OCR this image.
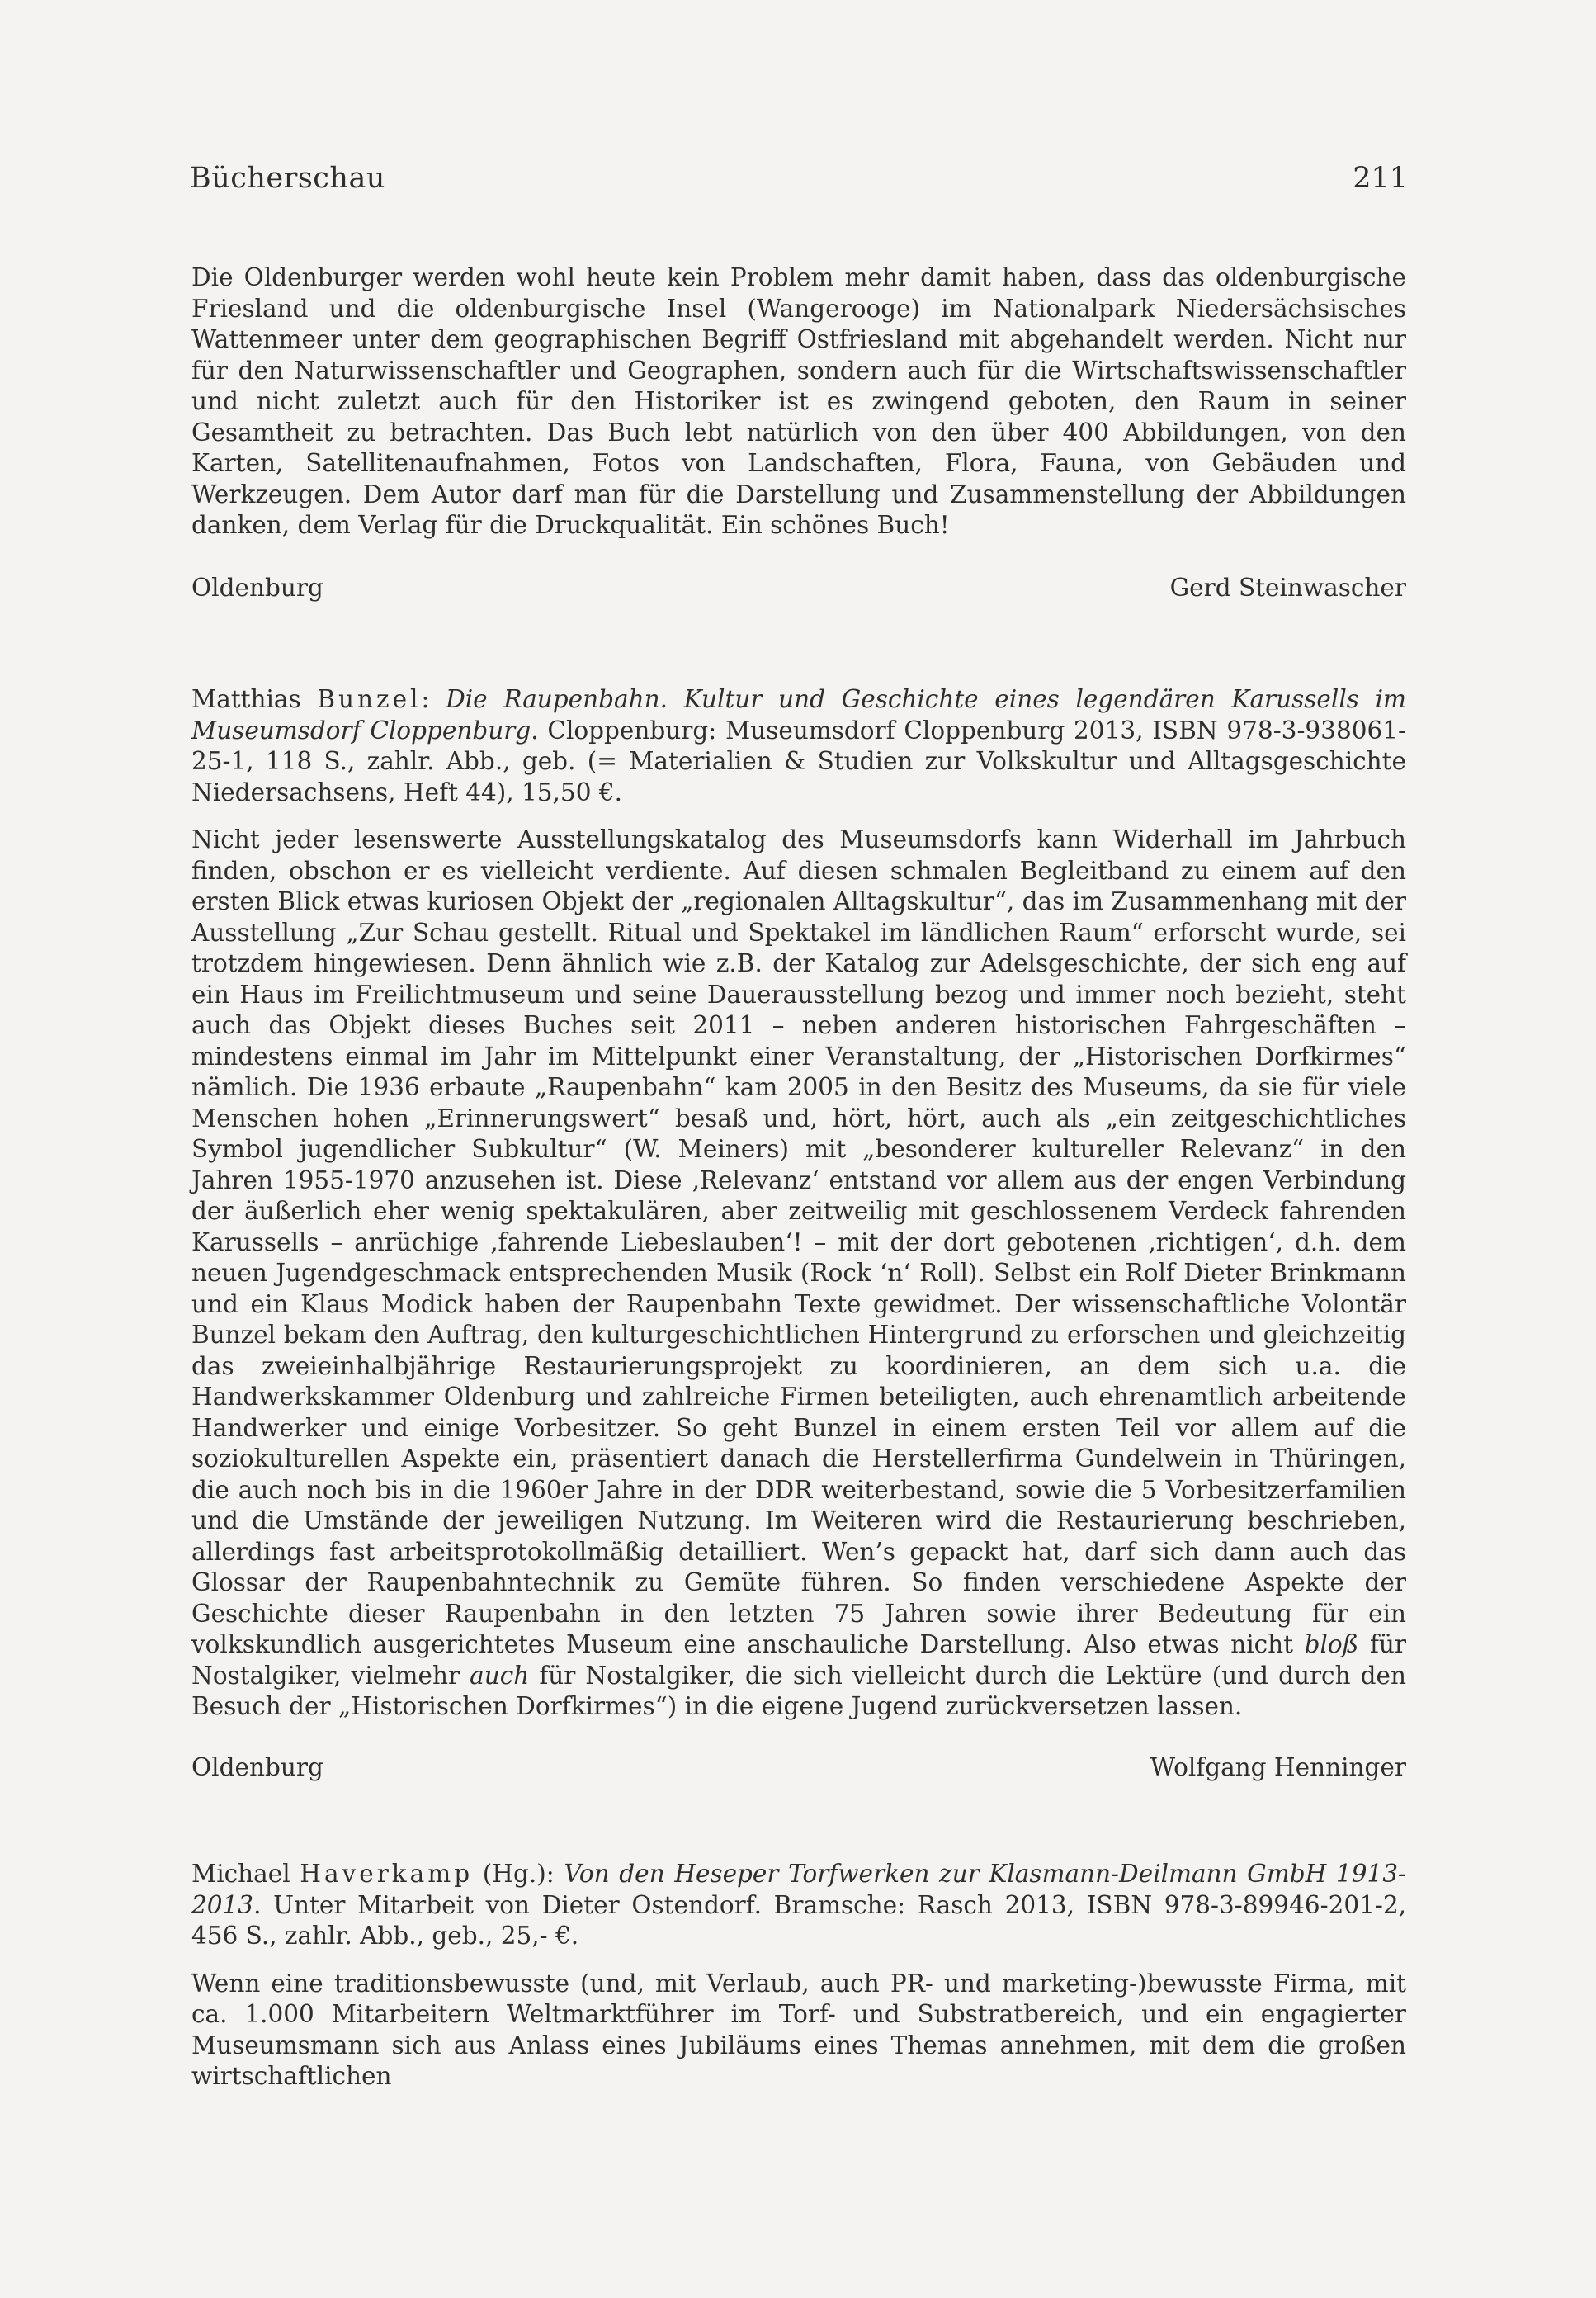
Bücherschau	211

Die Oldenburger werden wohl heute kein Problem mehr damit haben, dass das oldenburgische Friesland und die oldenburgische Insel (Wangerooge) im Nationalpark Niedersächsisches Wattenmeer unter dem geographischen Begriff Ostfriesland mit abgehandelt werden. Nicht nur für den Naturwissenschaftler und Geographen, sondern auch für die Wirtschaftswissenschaftler und nicht zuletzt auch für den Historiker ist es zwingend geboten, den Raum in seiner Gesamtheit zu betrachten. Das Buch lebt natürlich von den über 400 Abbildungen, von den Karten, Satellitenaufnahmen, Fotos von Landschaften, Flora, Fauna, von Gebäuden und Werkzeugen. Dem Autor darf man für die Darstellung und Zusammenstellung der Abbildungen danken, dem Verlag für die Druckqualität. Ein schönes Buch!

Oldenburg	Gerd Steinwascher

Matthias Bunzel: Die Raupenbahn. Kultur und Geschichte eines legendären Karussells im Museumsdorf Cloppenburg. Cloppenburg: Museumsdorf Cloppenburg 2013, ISBN 978-3-938061-25-1, 118 S., zahlr. Abb., geb. (= Materialien & Studien zur Volkskultur und Alltagsgeschichte Niedersachsens, Heft 44), 15,50 €.

Nicht jeder lesenswerte Ausstellungskatalog des Museumsdorfs kann Widerhall im Jahrbuch finden, obschon er es vielleicht verdiente. Auf diesen schmalen Begleitband zu einem auf den ersten Blick etwas kuriosen Objekt der „regionalen Alltagskultur“, das im Zusammenhang mit der Ausstellung „Zur Schau gestellt. Ritual und Spektakel im ländlichen Raum“ erforscht wurde, sei trotzdem hingewiesen. Denn ähnlich wie z.B. der Katalog zur Adelsgeschichte, der sich eng auf ein Haus im Freilichtmuseum und seine Dauerausstellung bezog und immer noch bezieht, steht auch das Objekt dieses Buches seit 2011 – neben anderen historischen Fahrgeschäften – mindestens einmal im Jahr im Mittelpunkt einer Veranstaltung, der „Historischen Dorfkirmes“ nämlich. Die 1936 erbaute „Raupenbahn“ kam 2005 in den Besitz des Museums, da sie für viele Menschen hohen „Erinnerungswert“ besaß und, hört, hört, auch als „ein zeitgeschichtliches Symbol jugendlicher Subkultur“ (W. Meiners) mit „besonderer kultureller Relevanz“ in den Jahren 1955-1970 anzusehen ist. Diese ‚Relevanz‘ entstand vor allem aus der engen Verbindung der äußerlich eher wenig spektakulären, aber zeitweilig mit geschlossenem Verdeck fahrenden Karussells – anrüchige ‚fahrende Liebeslauben‘! – mit der dort gebotenen ‚richtigen‘, d.h. dem neuen Jugendgeschmack entsprechenden Musik (Rock ‘n‘ Roll). Selbst ein Rolf Dieter Brinkmann und ein Klaus Modick haben der Raupenbahn Texte gewidmet. Der wissenschaftliche Volontär Bunzel bekam den Auftrag, den kulturgeschichtlichen Hintergrund zu erforschen und gleichzeitig das zweieinhalbjährige Restaurierungsprojekt zu koordinieren, an dem sich u.a. die Handwerkskammer Oldenburg und zahlreiche Firmen beteiligten, auch ehrenamtlich arbeitende Handwerker und einige Vorbesitzer. So geht Bunzel in einem ersten Teil vor allem auf die soziokulturellen Aspekte ein, präsentiert danach die Herstellerfirma Gundelwein in Thüringen, die auch noch bis in die 1960er Jahre in der DDR weiterbestand, sowie die 5 Vorbesitzerfamilien und die Umstände der jeweiligen Nutzung. Im Weiteren wird die Restaurierung beschrieben, allerdings fast arbeitsprotokollmäßig detailliert. Wen’s gepackt hat, darf sich dann auch das Glossar der Raupenbahntechnik zu Gemüte führen. So finden verschiedene Aspekte der Geschichte dieser Raupenbahn in den letzten 75 Jahren sowie ihrer Bedeutung für ein volkskundlich ausgerichtetes Museum eine anschauliche Darstellung. Also etwas nicht bloß für Nostalgiker, vielmehr auch für Nostalgiker, die sich vielleicht durch die Lektüre (und durch den Besuch der „Historischen Dorfkirmes“) in die eigene Jugend zurückversetzen lassen.

Oldenburg	Wolfgang Henninger

Michael Haverkamp (Hg.): Von den Heseper Torfwerken zur Klasmann-Deilmann GmbH 1913-2013. Unter Mitarbeit von Dieter Ostendorf. Bramsche: Rasch 2013, ISBN 978-3-89946-201-2, 456 S., zahlr. Abb., geb., 25,- €.

Wenn eine traditionsbewusste (und, mit Verlaub, auch PR- und marketing-)bewusste Firma, mit ca. 1.000 Mitarbeitern Weltmarktführer im Torf- und Substratbereich, und ein engagierter Museumsmann sich aus Anlass eines Jubiläums eines Themas annehmen, mit dem die großen wirtschaftlichen
